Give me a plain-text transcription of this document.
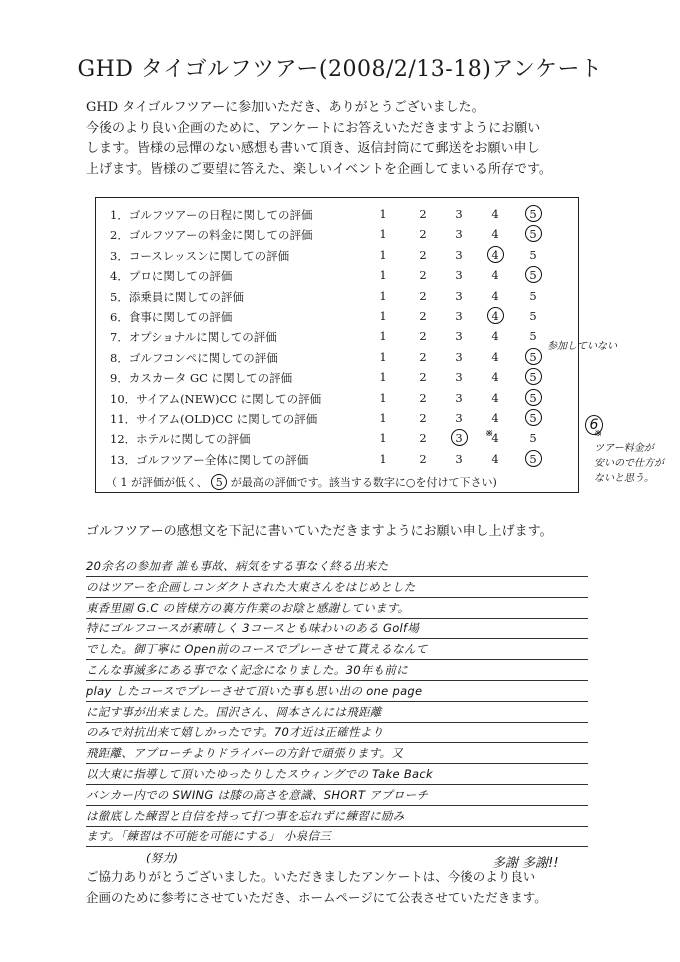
GHD タイゴルフツアー(2008/2/13-18)アンケート

GHD タイゴルフツアーに参加いただき、ありがとうございました。

今後のより良い企画のために、アンケートにお答えいただきますようにお願い

します。皆様の忌憚のない感想も書いて頂き、返信封筒にて郵送をお願い申し

上げます。皆様のご要望に答えた、楽しいイベントを企画してまいる所存です。

（ 1 が評価が低く、 5 が最高の評価です。該当する数字に○を付けて下さい)
1．ゴルフツアーの日程に関しての評価	1	2 3 4	5
2．ゴルフツアーの料金に関しての評価	1	2 3 4	5
3．コースレッスンに関しての評価	1	2 3 4	5
4．プロに関しての評価	1	2 3 4	5
5．添乗員に関しての評価	1	2 3 4	5
6．食事に関しての評価	1	2 3 4	5
7．オプショナルに関しての評価	1	2 3 4	5
8．ゴルフコンペに関しての評価	1	2 3 4	5
9．カスカータ GC に関しての評価	1	2 3 4	5
10．サイアム(NEW)CC に関しての評価	1	2 3 4	5
11．サイアム(OLD)CC に関しての評価	1	2 3 4	5
12．ホテルに関しての評価	1	2 3 4	5
13．ゴルフツアー全体に関しての評価	1	2 3 4	5
参加していない
6
※	※
ツアー料金が
安いので仕方が
ないと思う。
ゴルフツアーの感想文を下記に書いていただきますようにお願い申し上げます。
20余名の参加者 誰も事故、病気をする事なく終る出来た
のはツアーを企画しコンダクトされた大東さんをはじめとした
東香里園 G.C の皆様方の裏方作業のお陰と感謝しています。
特にゴルフコースが素晴しく 3コースとも味わいのある Golf場
でした。御丁寧に Open前のコースでプレーさせて貰えるなんて
こんな事滅多にある事でなく記念になりました。30年も前に
play したコースでプレーさせて頂いた事も思い出の one page
に記す事が出来ました。国沢さん、岡本さんには飛距離
のみで対抗出来て嬉しかったです。70才近は正確性より
飛距離、アプローチよりドライバーの方針で頑張ります。又
以大東に指導して頂いたゆったりしたスウィングでの Take Back
バンカー内での SWING は膝の高さを意識、SHORT アプローチ
は徹底した練習と自信を持って打つ事を忘れずに練習に励み
ます。「練習は不可能を可能にする」 小泉信三
(努力)	多謝 多謝!!

ご協力ありがとうございました。いただきましたアンケートは、今後のより良い

企画のために参考にさせていただき、ホームページにて公表させていただきます。
